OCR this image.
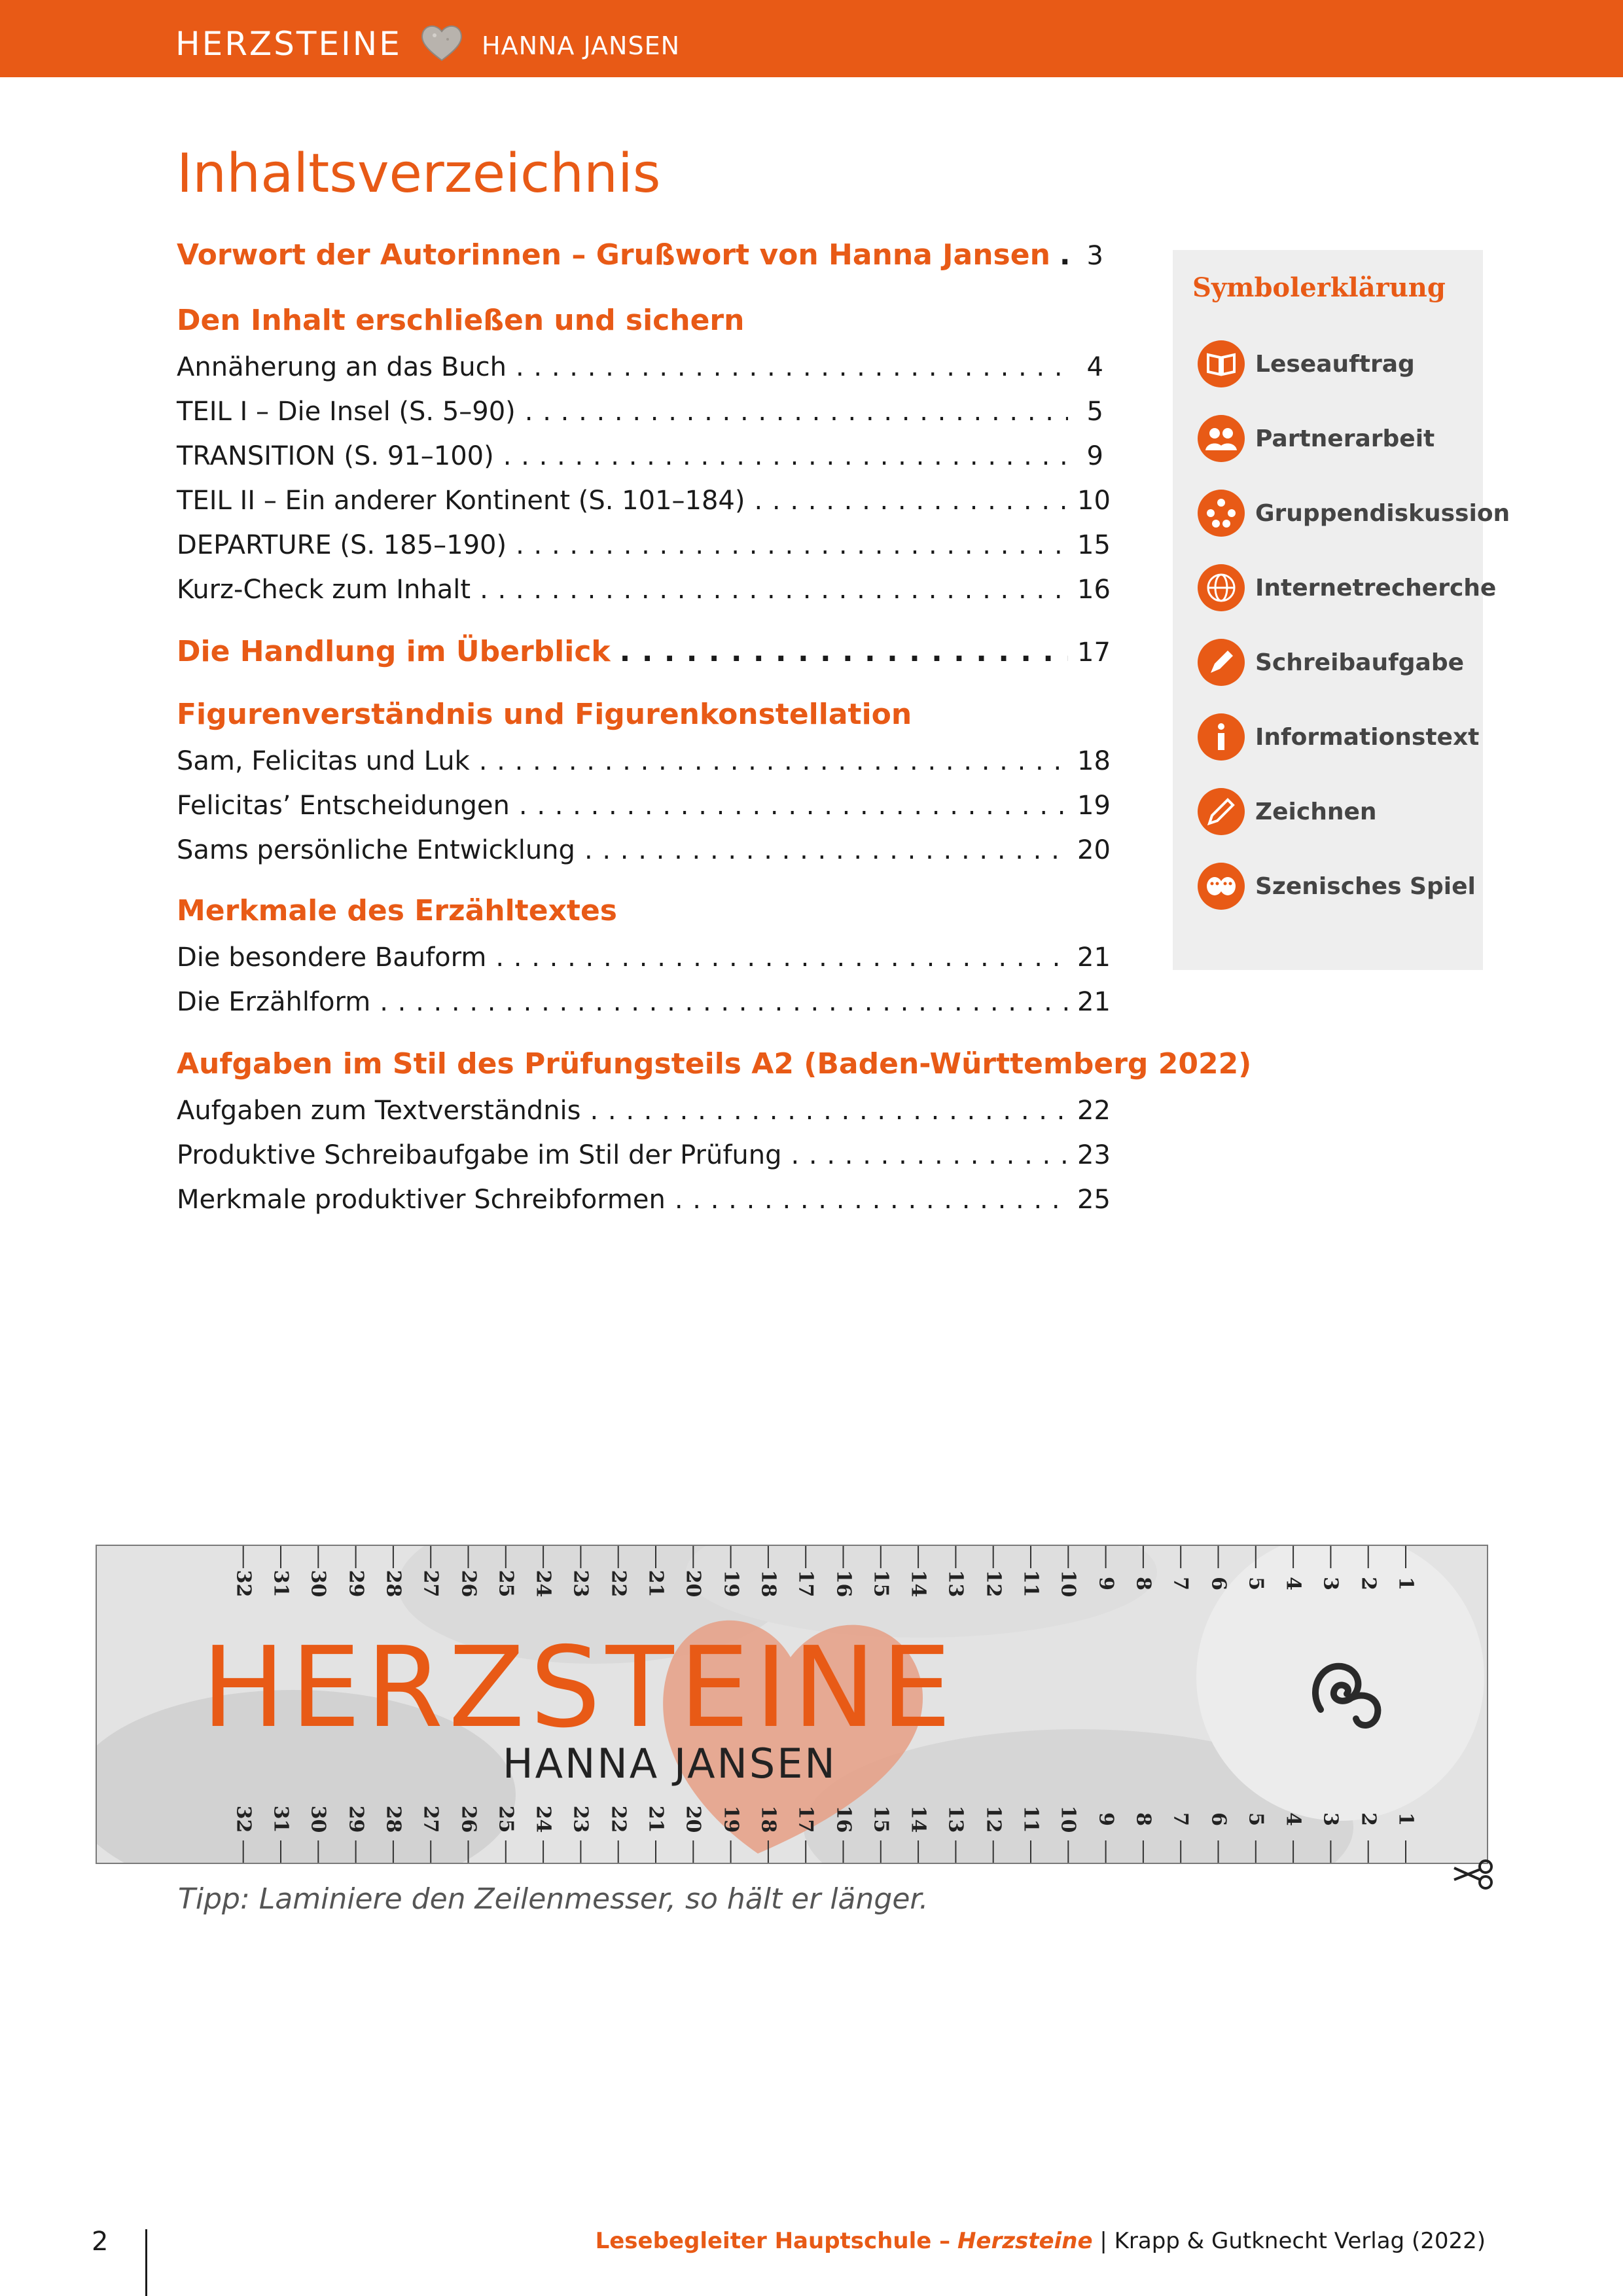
HERZSTEINE	HANNA JANSEN
Inhaltsverzeichnis
Vorwort der Autorinnen – Grußwort von Hanna Jansen . . .	3
Den Inhalt erschließen und sichern
Annäherung an das Buch . . .	4
TEIL I – Die Insel (S. 5–90) . . .	5
TRANSITION (S. 91–100) . . .	9
TEIL II – Ein anderer Kontinent (S. 101–184) . . .	10
DEPARTURE (S. 185–190) . . .	15
Kurz-Check zum Inhalt . . .	16
Die Handlung im Überblick . . .	17
Figurenverständnis und Figurenkonstellation
Sam, Felicitas und Luk . . .	18
Felicitas’ Entscheidungen . . .	19
Sams persönliche Entwicklung . . .	20
Merkmale des Erzähltextes
Die besondere Bauform . . .	21
Die Erzählform . . .	21
Aufgaben im Stil des Prüfungsteils A2 (Baden-Württemberg 2022)
Aufgaben zum Textverständnis . . .	22
Produktive Schreibaufgabe im Stil der Prüfung . . .	23
Merkmale produktiver Schreibformen . . .	25
Symbolerklärung
Leseauftrag
Partnerarbeit
Gruppendiskussion
Internetrecherche
Schreibaufgabe
Informationstext
Zeichnen
Szenisches Spiel
HERZSTEINE
HANNA JANSEN
1
1
2
2
3
3
4
4
5
5
6
6
7
7
8
8
9
9
10
10
11
11
12
12
13
13
14
14
15
15
16
16
17
17
18
18
19
19
20
20
21
21
22
22
23
23
24
24
25
25
26
26
27
27
28
28
29
29
30
30
31
31
32
32
Tipp: Laminiere den Zeilenmesser, so hält er länger.
2	Lesebegleiter Hauptschule – Herzsteine | Krapp & Gutknecht Verlag (2022)
